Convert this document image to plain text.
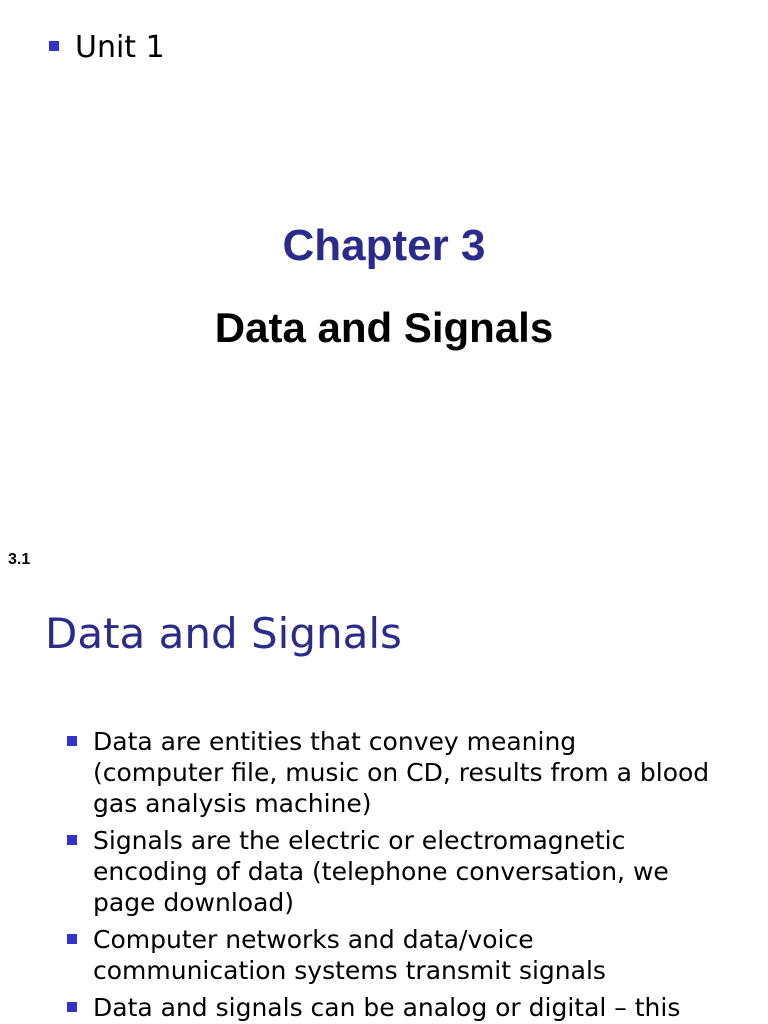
Unit 1
Chapter 3
Data and Signals
3.1
Data and Signals
Data are entities that convey meaning (computer file, music on CD, results from a blood gas analysis machine)
Signals are the electric or electromagnetic encoding of data (telephone conversation, we page download)
Computer networks and data/voice communication systems transmit signals
Data and signals can be analog or digital – this
